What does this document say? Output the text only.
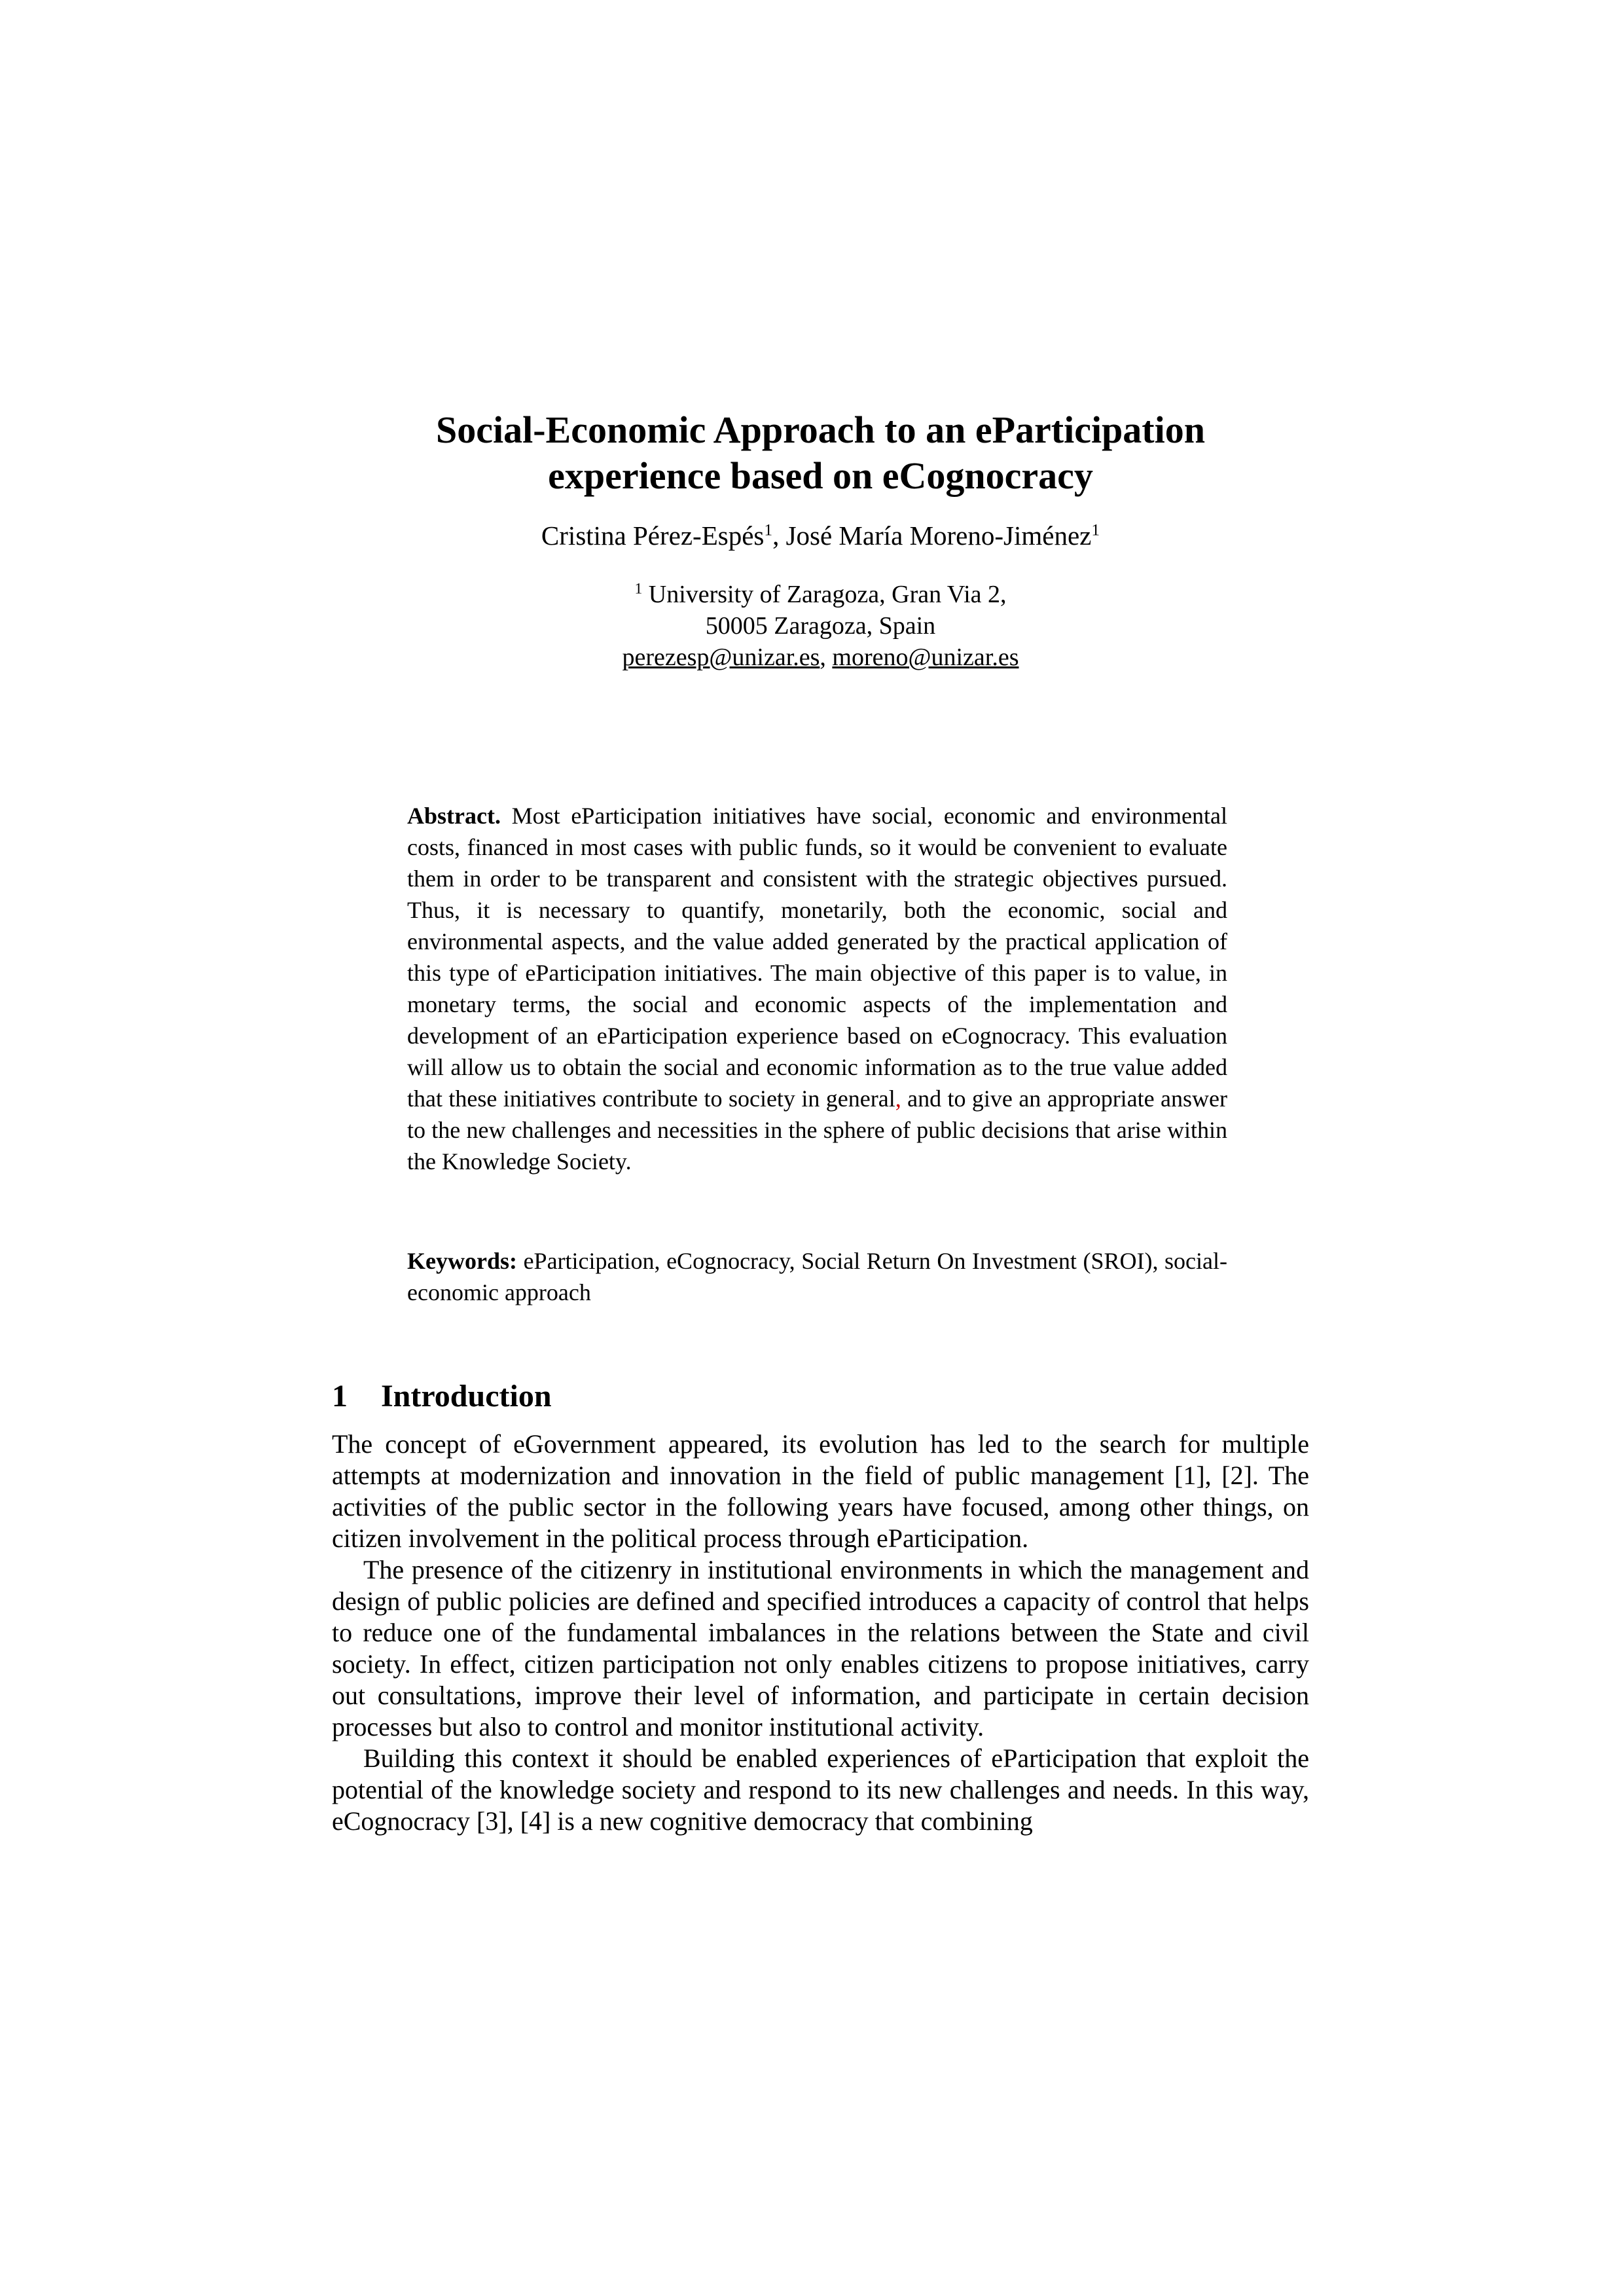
Social-Economic Approach to an eParticipation
experience based on eCognocracy

Cristina Pérez-Espés$^1$, José María Moreno-Jiménez$^1$

$^1$ University of Zaragoza, Gran Via 2,

50005 Zaragoza, Spain

perezesp@unizar.es, moreno@unizar.es

Abstract. Most eParticipation initiatives have social, economic and environmental costs, financed in most cases with public funds, so it would be convenient to evaluate them in order to be transparent and consistent with the strategic objectives pursued. Thus, it is necessary to quantify, monetarily, both the economic, social and environmental aspects, and the value added generated by the practical application of this type of eParticipation initiatives. The main objective of this paper is to value, in monetary terms, the social and economic aspects of the implementation and development of an eParticipation experience based on eCognocracy. This evaluation will allow us to obtain the social and economic information as to the true value added that these initiatives contribute to society in general, and to give an appropriate answer to the new challenges and necessities in the sphere of public decisions that arise within the Knowledge Society.

Keywords: eParticipation, eCognocracy, Social Return On Investment (SROI), social-economic approach

1 Introduction

The concept of eGovernment appeared, its evolution has led to the search for multiple attempts at modernization and innovation in the field of public management [1], [2]. The activities of the public sector in the following years have focused, among other things, on citizen involvement in the political process through eParticipation.

The presence of the citizenry in institutional environments in which the management and design of public policies are defined and specified introduces a capacity of control that helps to reduce one of the fundamental imbalances in the relations between the State and civil society. In effect, citizen participation not only enables citizens to propose initiatives, carry out consultations, improve their level of information, and participate in certain decision processes but also to control and monitor institutional activity.

Building this context it should be enabled experiences of eParticipation that exploit the potential of the knowledge society and respond to its new challenges and needs. In this way, eCognocracy [3], [4] is a new cognitive democracy that combining
